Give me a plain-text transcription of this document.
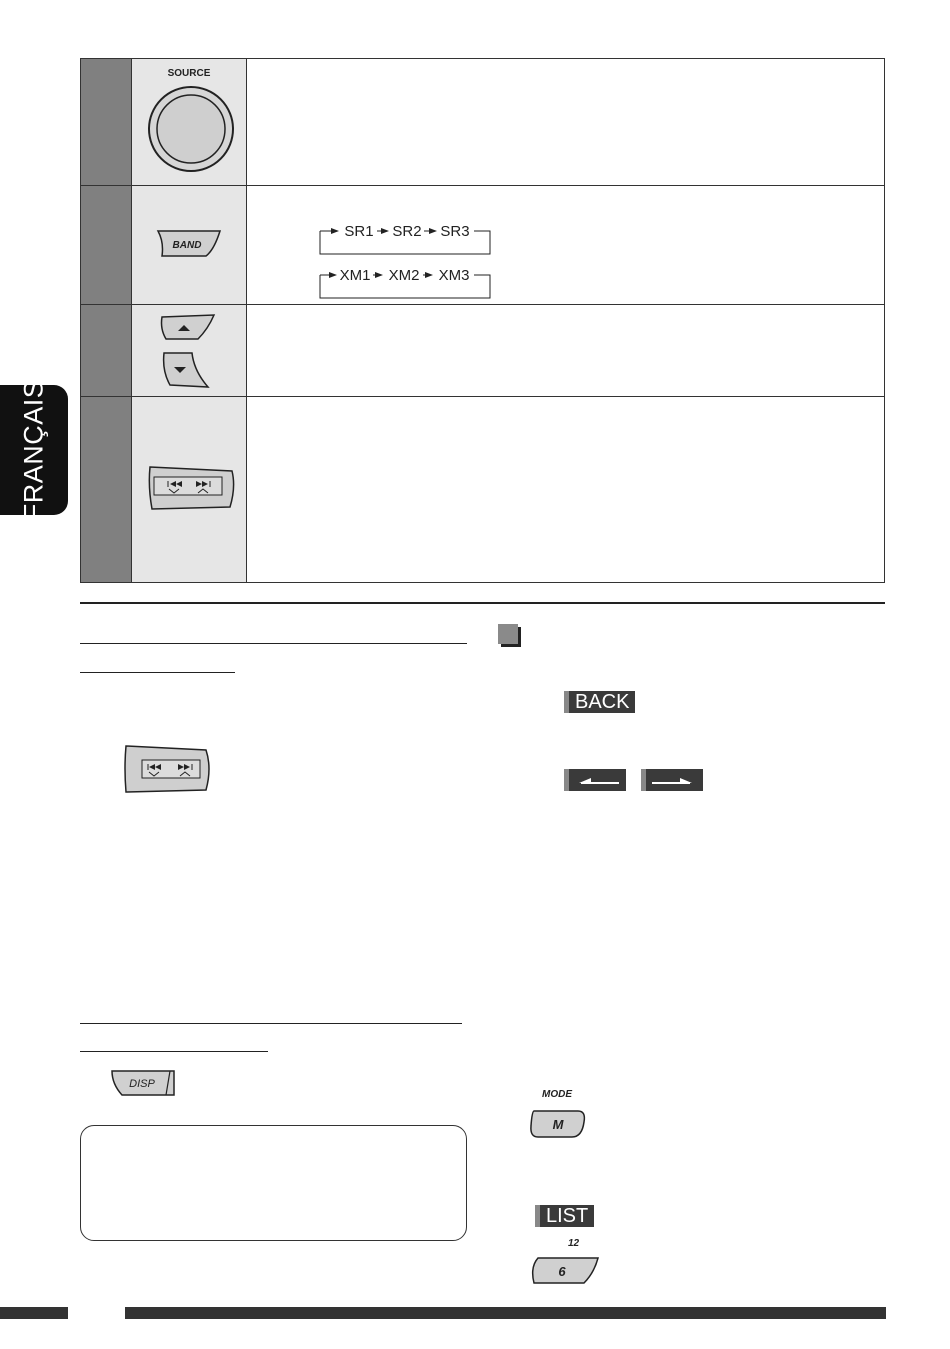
FRANÇAIS
SOURCE
BAND
SR1 SR2 SR3
XM1 XM2 XM3
DISP
BACK
MODE
M
LIST
12
6
